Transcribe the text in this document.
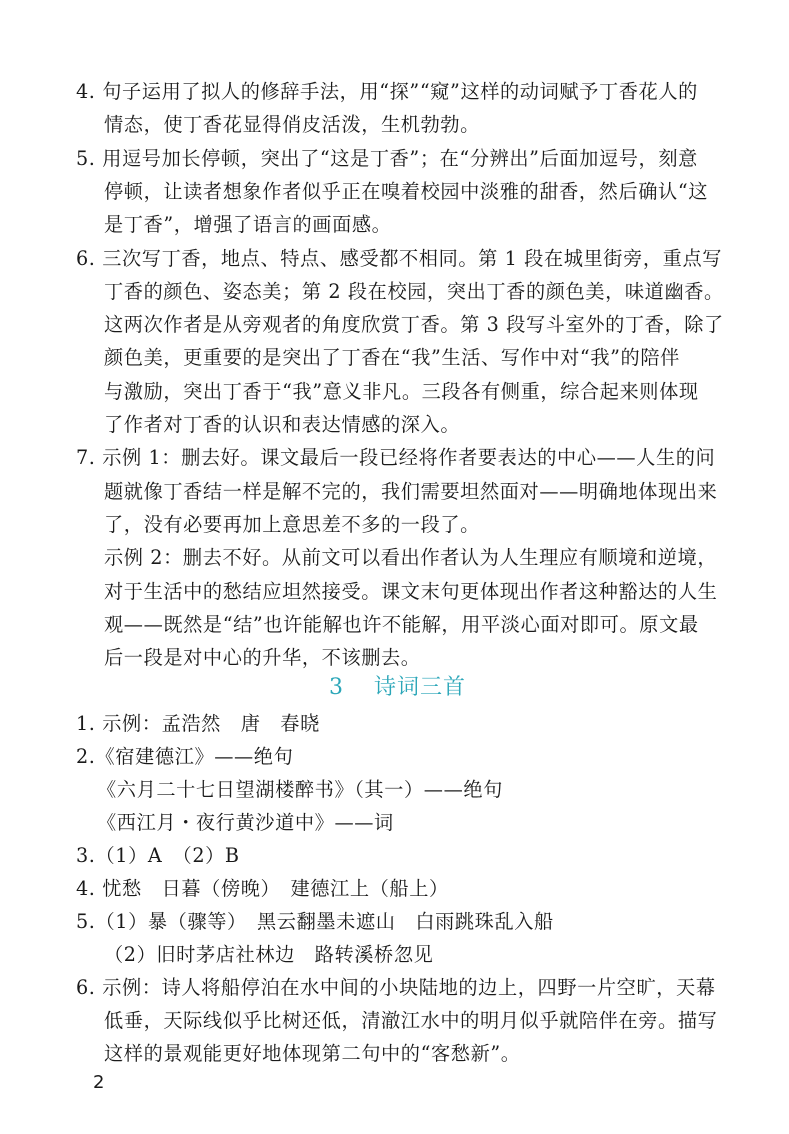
4. 句子运用了拟人的修辞手法，用“探”“窥”这样的动词赋予丁香花人的
情态，使丁香花显得俏皮活泼，生机勃勃。
5. 用逗号加长停顿，突出了“这是丁香”；在“分辨出”后面加逗号，刻意
停顿，让读者想象作者似乎正在嗅着校园中淡雅的甜香，然后确认“这
是丁香”，增强了语言的画面感。
6. 三次写丁香，地点、特点、感受都不相同。第 1 段在城里街旁，重点写
丁香的颜色、姿态美；第 2 段在校园，突出丁香的颜色美，味道幽香。
这两次作者是从旁观者的角度欣赏丁香。第 3 段写斗室外的丁香，除了
颜色美，更重要的是突出了丁香在“我”生活、写作中对“我”的陪伴
与激励，突出丁香于“我”意义非凡。三段各有侧重，综合起来则体现
了作者对丁香的认识和表达情感的深入。
7. 示例 1：删去好。课文最后一段已经将作者要表达的中心——人生的问
题就像丁香结一样是解不完的，我们需要坦然面对——明确地体现出来
了，没有必要再加上意思差不多的一段了。
示例 2：删去不好。从前文可以看出作者认为人生理应有顺境和逆境，
对于生活中的愁结应坦然接受。课文末句更体现出作者这种豁达的人生
观——既然是“结”也许能解也许不能解，用平淡心面对即可。原文最
后一段是对中心的升华，不该删去。
3 诗词三首
1. 示例：孟浩然　唐　春晓
2.《宿建德江》——绝句
《六月二十七日望湖楼醉书》（其一）——绝句
《西江月・夜行黄沙道中》——词
3.（1）A　（2）B
4. 忧愁　日暮（傍晚）　建德江上（船上）
5.（1）暴（骤等）　黑云翻墨未遮山　白雨跳珠乱入船
（2）旧时茅店社林边　路转溪桥忽见
6. 示例：诗人将船停泊在水中间的小块陆地的边上，四野一片空旷，天幕
低垂，天际线似乎比树还低，清澈江水中的明月似乎就陪伴在旁。描写
这样的景观能更好地体现第二句中的“客愁新”。
2
